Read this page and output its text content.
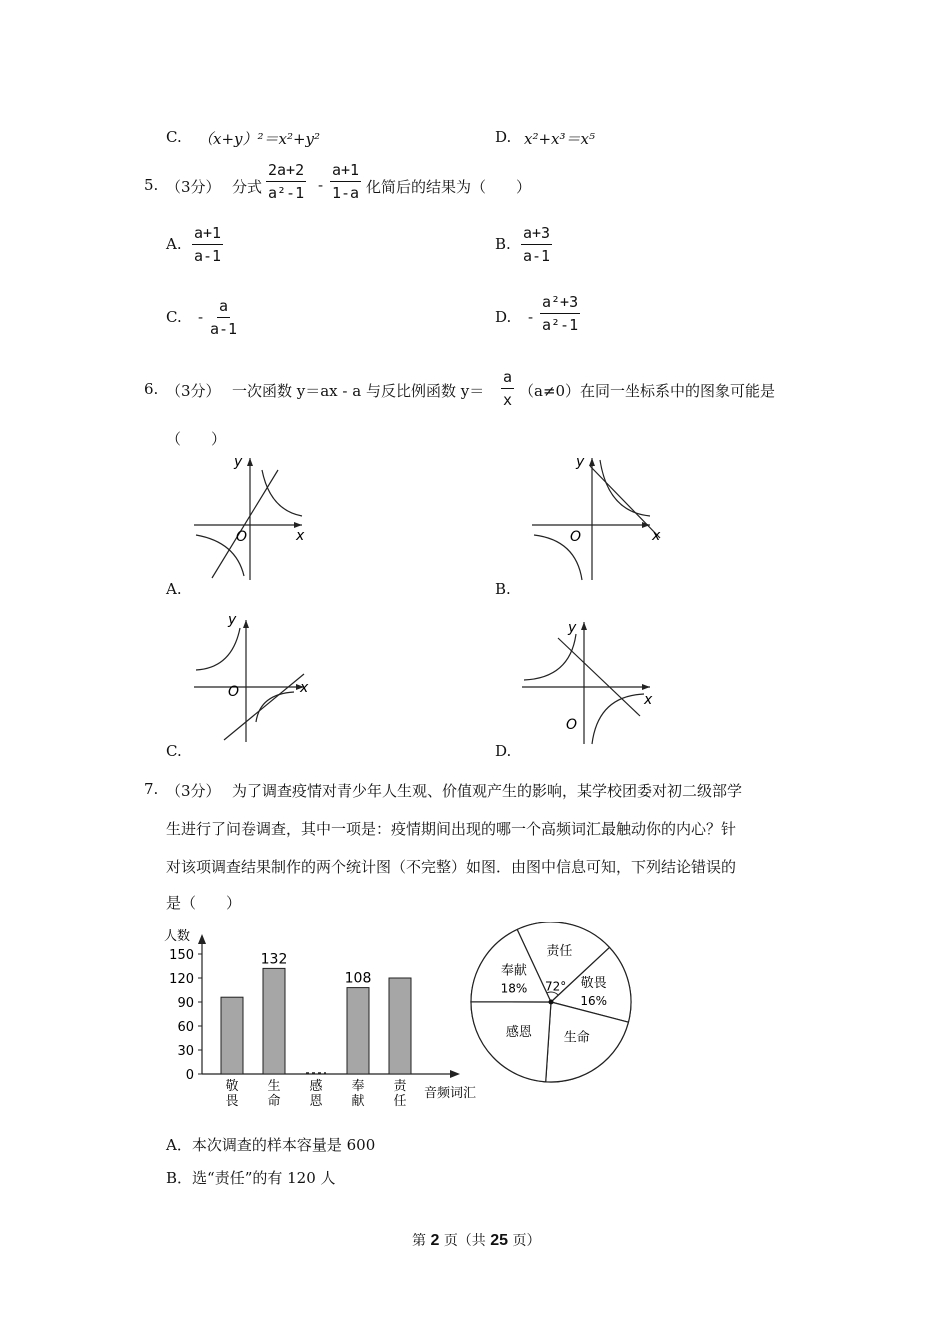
C. （x+y）²＝x²+y²	D. x²+x³＝x⁵
5. （3分） 分式 $\frac{2a+2}{\text{a²-1}} - \frac{a+1}{1-a}$ 化简后的结果为（　　）
A. $\frac{a+1}{a-1}$	B. $\frac{a+3}{a-1}$
C. - $\frac{a}{a-1}$	D. - $\frac{\text{a²+3}}{\text{a²-1}}$
6. （3分） 一次函数 y＝ax - a 与反比例函数 $y= \frac{a}{x} (a\ne 0)$在同一坐标系中的图象可能是
（　　）
y
x
O
A.
y
x
O
B.
y
x
O
C.
y
x
O
D.
7. （3分） 为了调查疫情对青少年人生观、价值观产生的影响，某学校团委对初二级部学
生进行了问卷调查，其中一项是：疫情期间出现的哪一个高频词汇最触动你的内心？针
对该项调查结果制作的两个统计图（不完整）如图．由图中信息可知，下列结论错误的
是（　　）
人数
音频词汇
0
30
60
90
120
150
敬
畏
132
生
命
感
恩
108
奉
献
责
任
责任
72° 敬畏
16%
生命
感恩
奉献
18%
A．本次调查的样本容量是 600
B．选“责任”的有 120 人
第 2 页（共 25 页）
